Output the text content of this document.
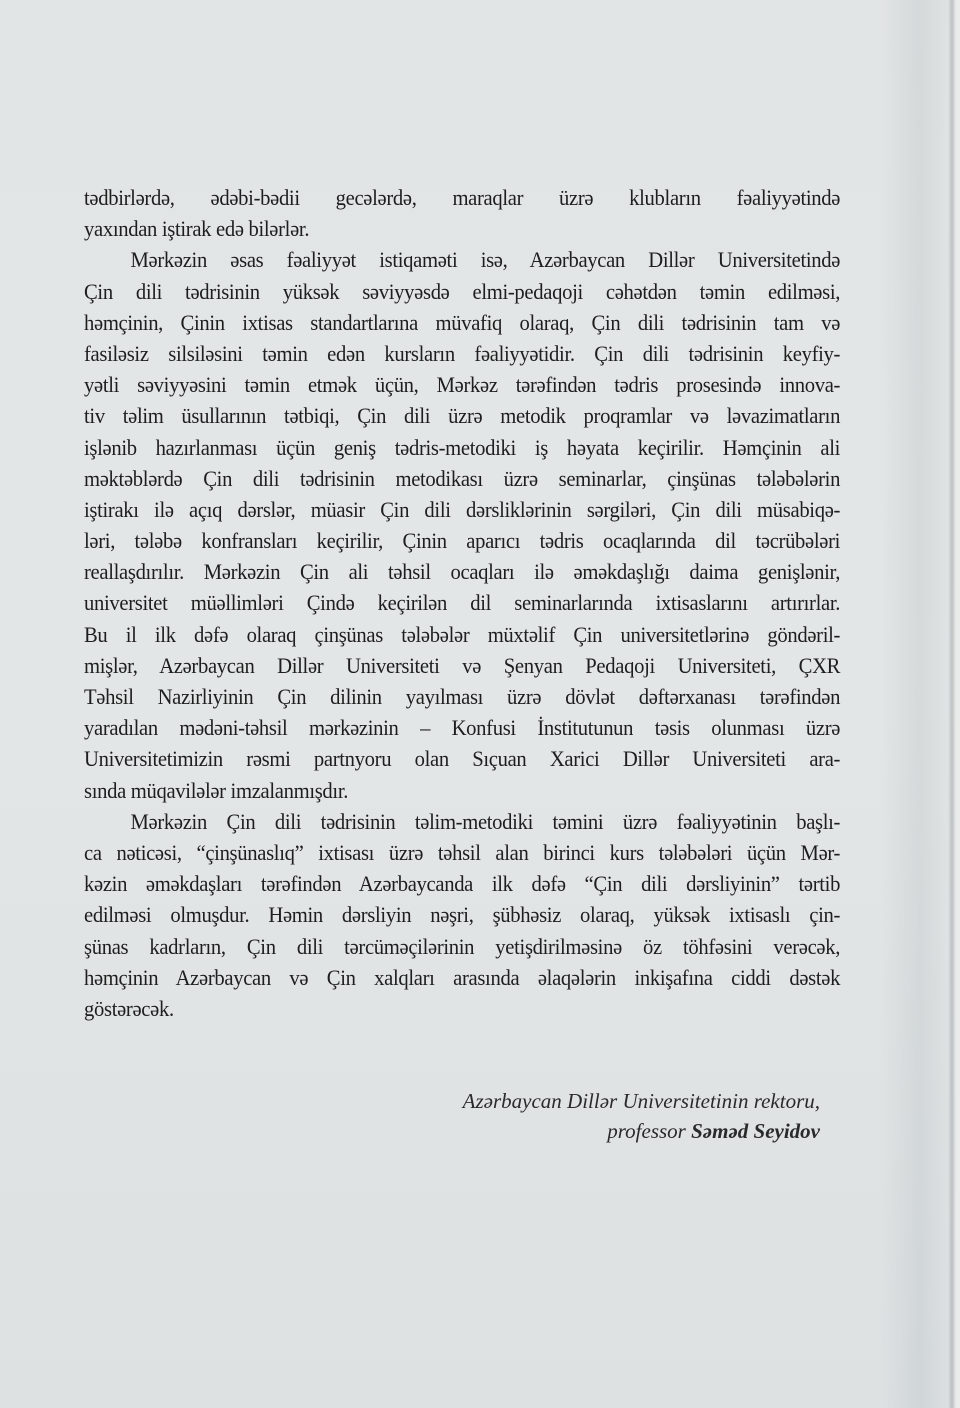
tədbirlərdə, ədəbi-bədii gecələrdə, maraqlar üzrə klubların fəaliyyətində
yaxından iştirak edə bilərlər.
Mərkəzin əsas fəaliyyət istiqaməti isə, Azərbaycan Dillər Universitetində
Çin dili tədrisinin yüksək səviyyəsdə elmi-pedaqoji cəhətdən təmin edilməsi,
həmçinin, Çinin ixtisas standartlarına müvafiq olaraq, Çin dili tədrisinin tam və
fasiləsiz silsiləsini təmin edən kursların fəaliyyətidir. Çin dili tədrisinin keyfiy-
yətli səviyyəsini təmin etmək üçün, Mərkəz tərəfindən tədris prosesində innova-
tiv təlim üsullarının tətbiqi, Çin dili üzrə metodik proqramlar və ləvazimatların
işlənib hazırlanması üçün geniş tədris-metodiki iş həyata keçirilir. Həmçinin ali
məktəblərdə Çin dili tədrisinin metodikası üzrə seminarlar, çinşünas tələbələrin
iştirakı ilə açıq dərslər, müasir Çin dili dərsliklərinin sərgiləri, Çin dili müsabiqə-
ləri, tələbə konfransları keçirilir, Çinin aparıcı tədris ocaqlarında dil təcrübələri
reallaşdırılır. Mərkəzin Çin ali təhsil ocaqları ilə əməkdaşlığı daima genişlənir,
universitet müəllimləri Çində keçirilən dil seminarlarında ixtisaslarını artırırlar.
Bu il ilk dəfə olaraq çinşünas tələbələr müxtəlif Çin universitetlərinə göndəril-
mişlər, Azərbaycan Dillər Universiteti və Şenyan Pedaqoji Universiteti, ÇXR
Təhsil Nazirliyinin Çin dilinin yayılması üzrə dövlət dəftərxanası tərəfindən
yaradılan mədəni-təhsil mərkəzinin – Konfusi İnstitutunun təsis olunması üzrə
Universitetimizin rəsmi partnyoru olan Sıçuan Xarici Dillər Universiteti ara-
sında müqavilələr imzalanmışdır.
Mərkəzin Çin dili tədrisinin təlim-metodiki təmini üzrə fəaliyyətinin başlı-
ca nəticəsi, “çinşünaslıq” ixtisası üzrə təhsil alan birinci kurs tələbələri üçün Mər-
kəzin əməkdaşları tərəfindən Azərbaycanda ilk dəfə “Çin dili dərsliyinin” tərtib
edilməsi olmuşdur. Həmin dərsliyin nəşri, şübhəsiz olaraq, yüksək ixtisaslı çin-
şünas kadrların, Çin dili tərcüməçilərinin yetişdirilməsinə öz töhfəsini verəcək,
həmçinin Azərbaycan və Çin xalqları arasında əlaqələrin inkişafına ciddi dəstək
göstərəcək.
Azərbaycan Dillər Universitetinin rektoru,
professor Səməd Seyidov
